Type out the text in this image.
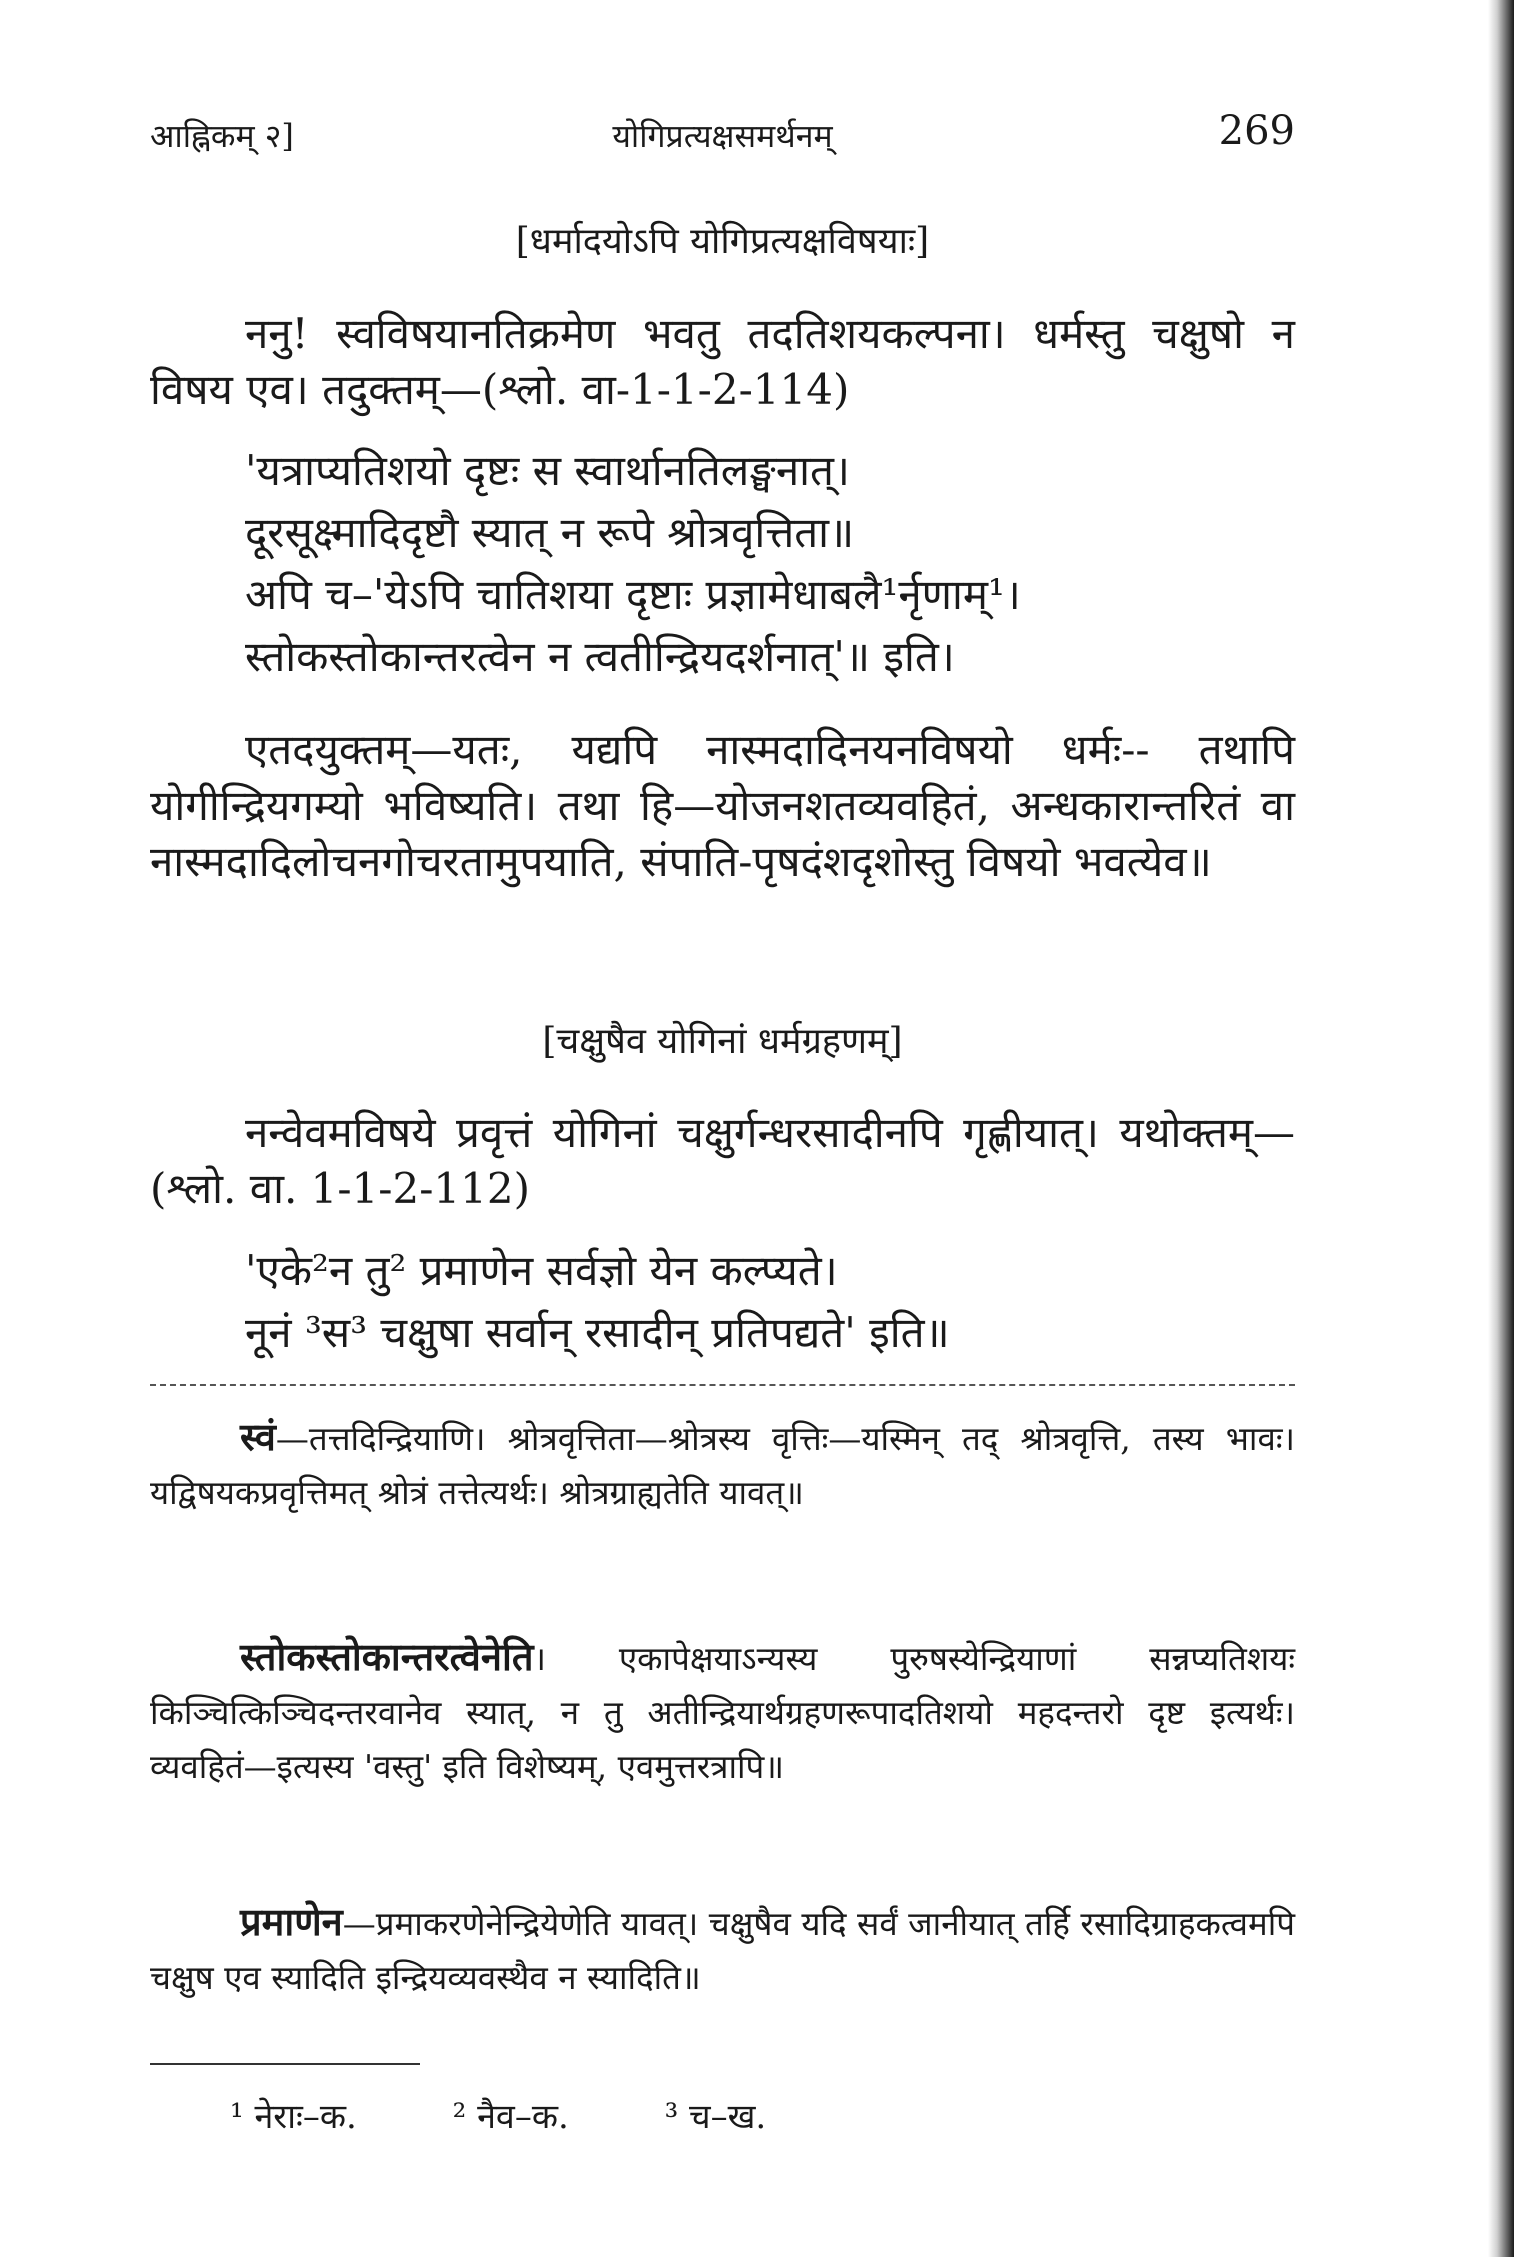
आह्निकम् २]	योगिप्रत्यक्षसमर्थनम्	269
[धर्मादयोऽपि योगिप्रत्यक्षविषयाः]

ननु! स्वविषयानतिक्रमेण भवतु तदतिशयकल्पना। धर्मस्तु चक्षुषो न विषय एव। तदुक्तम्—(श्लो. वा-1-1-2-114)

'यत्राप्यतिशयो दृष्टः स स्वार्थानतिलङ्घनात्।
दूरसूक्ष्मादिदृष्टौ स्यात् न रूपे श्रोत्रवृत्तिता॥
अपि च–'येऽपि चातिशया दृष्टाः प्रज्ञामेधाबलै¹र्नृणाम्¹।
स्तोकस्तोकान्तरत्वेन न त्वतीन्द्रियदर्शनात्'॥ इति।

एतदयुक्तम्—यतः, यद्यपि नास्मदादिनयनविषयो धर्मः-- तथापि योगीन्द्रियगम्यो भविष्यति। तथा हि—योजनशतव्यवहितं, अन्धकारान्तरितं वा नास्मदादिलोचनगोचरतामुपयाति, संपाति-पृषदंशदृशोस्तु विषयो भवत्येव॥

[चक्षुषैव योगिनां धर्मग्रहणम्]

नन्वेवमविषये प्रवृत्तं योगिनां चक्षुर्गन्धरसादीनपि गृह्णीयात्। यथोक्तम्—(श्लो. वा. 1-1-2-112)

'एके²न तु² प्रमाणेन सर्वज्ञो येन कल्प्यते।
नूनं ³स³ चक्षुषा सर्वान् रसादीन् प्रतिपद्यते' इति॥

स्वं—तत्तदिन्द्रियाणि। श्रोत्रवृत्तिता—श्रोत्रस्य वृत्तिः—यस्मिन् तद् श्रोत्रवृत्ति, तस्य भावः। यद्विषयकप्रवृत्तिमत् श्रोत्रं तत्तेत्यर्थः। श्रोत्रग्राह्यतेति यावत्॥

स्तोकस्तोकान्तरत्वेनेति। एकापेक्षयाऽन्यस्य पुरुषस्येन्द्रियाणां सन्नप्यतिशयः किञ्चित्किञ्चिदन्तरवानेव स्यात्, न तु अतीन्द्रियार्थग्रहणरूपादतिशयो महदन्तरो दृष्ट इत्यर्थः। व्यवहितं—इत्यस्य 'वस्तु' इति विशेष्यम्, एवमुत्तरत्रापि॥

प्रमाणेन—प्रमाकरणेनेन्द्रियेणेति यावत्। चक्षुषैव यदि सर्वं जानीयात् तर्हि रसादिग्राहकत्वमपि चक्षुष एव स्यादिति इन्द्रियव्यवस्थैव न स्यादिति॥

¹ नेराः–क.	² नैव–क.	³ च–ख.
